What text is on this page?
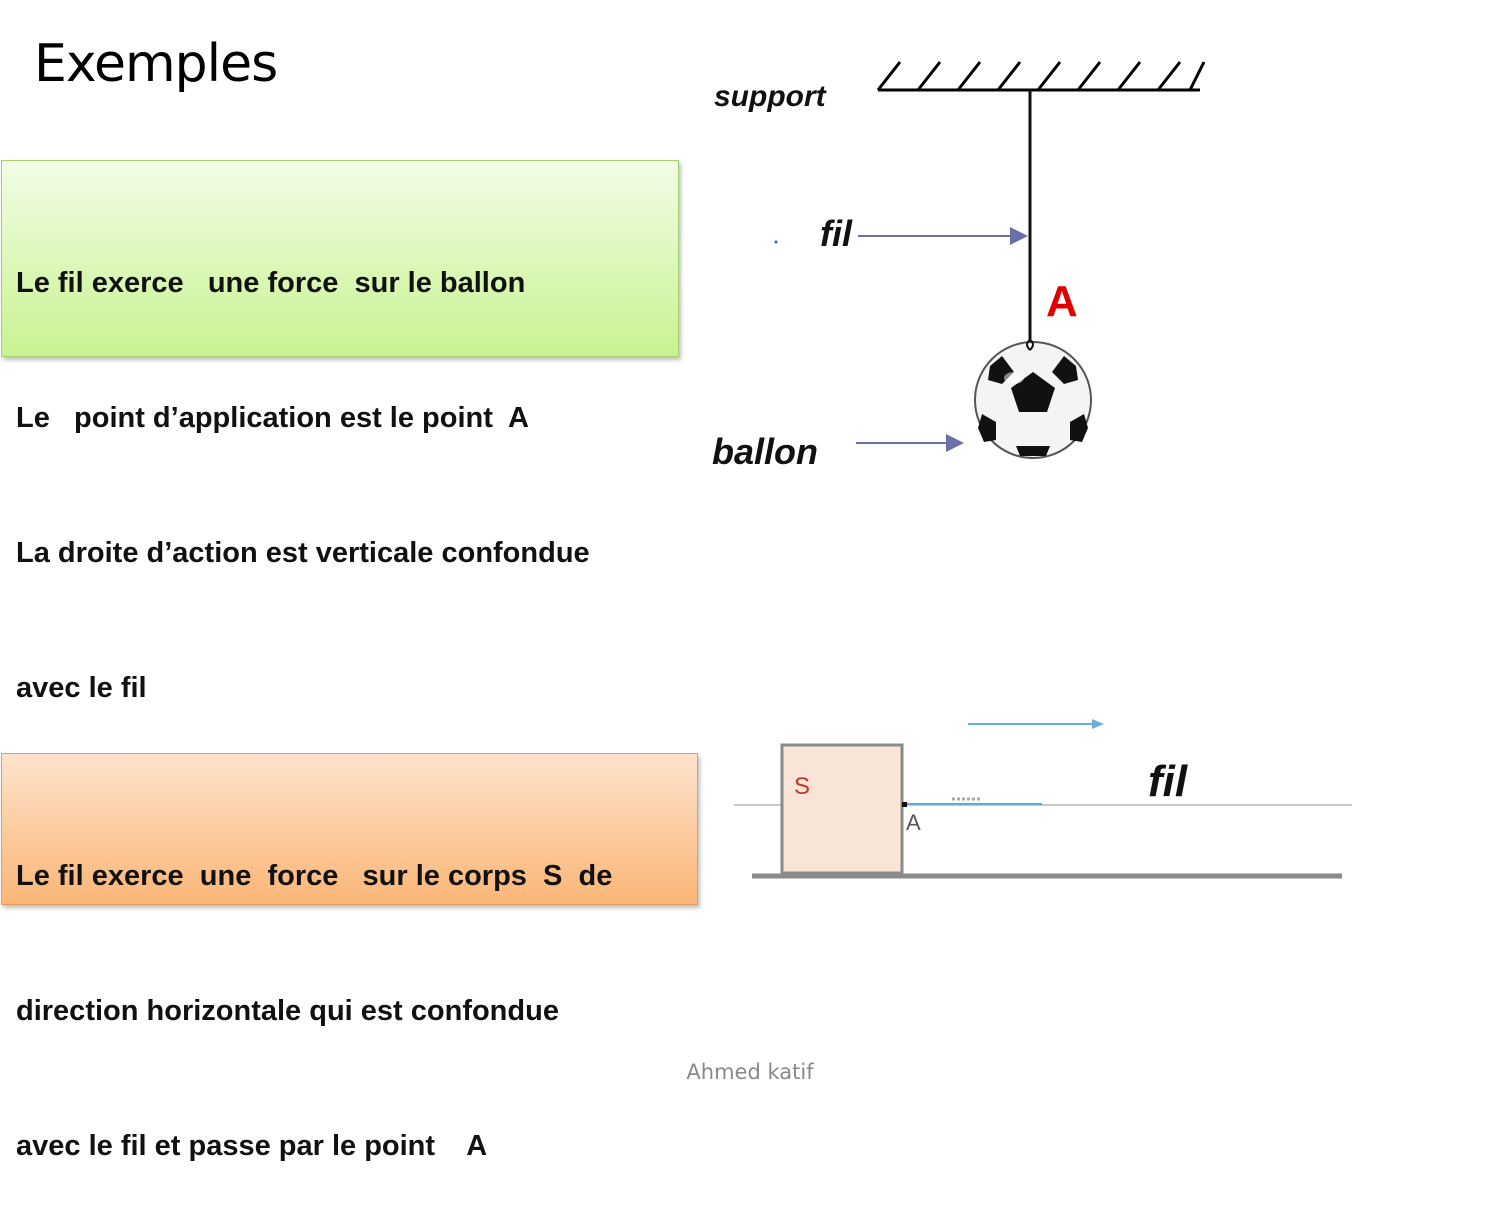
Exemples

Le fil exerce   une force  sur le ballon

Le   point d’application est le point  A

La droite d’action est verticale confondue

avec le fil

support
fil
A
ballon

Le fil exerce  une  force   sur le corps  S  de

direction horizontale qui est confondue

avec le fil et passe par le point    A

fil
S
A
Ahmed katif
